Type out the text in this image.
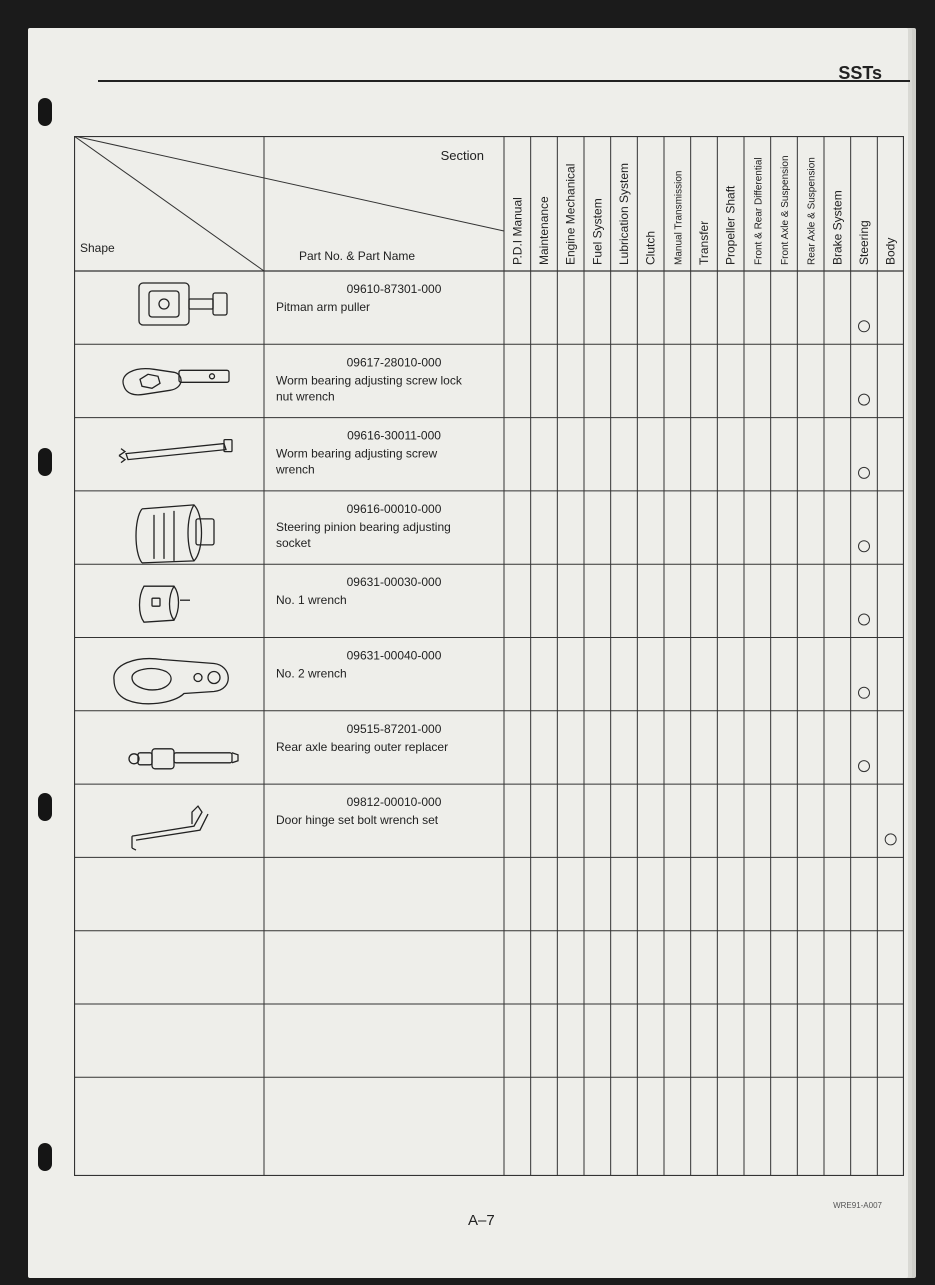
SSTs
Section
Shape
Part No. & Part Name	P.D.I Manual Maintenance Engine Mechanical Fuel System Lubrication System Clutch Manual Transmission Transfer Propeller Shaft Front & Rear Differential Front Axle & Suspension Rear Axle & Suspension Brake System Steering Body
09610-87301-000
Pitman arm puller
09617-28010-000
Worm bearing adjusting screw lock
nut wrench
09616-30011-000
Worm bearing adjusting screw
wrench
09616-00010-000
Steering pinion bearing adjusting
socket
09631-00030-000
No. 1 wrench
09631-00040-000
No. 2 wrench
09515-87201-000
Rear axle bearing outer replacer
09812-00010-000
Door hinge set bolt wrench set
WRE91-A007
A–7
